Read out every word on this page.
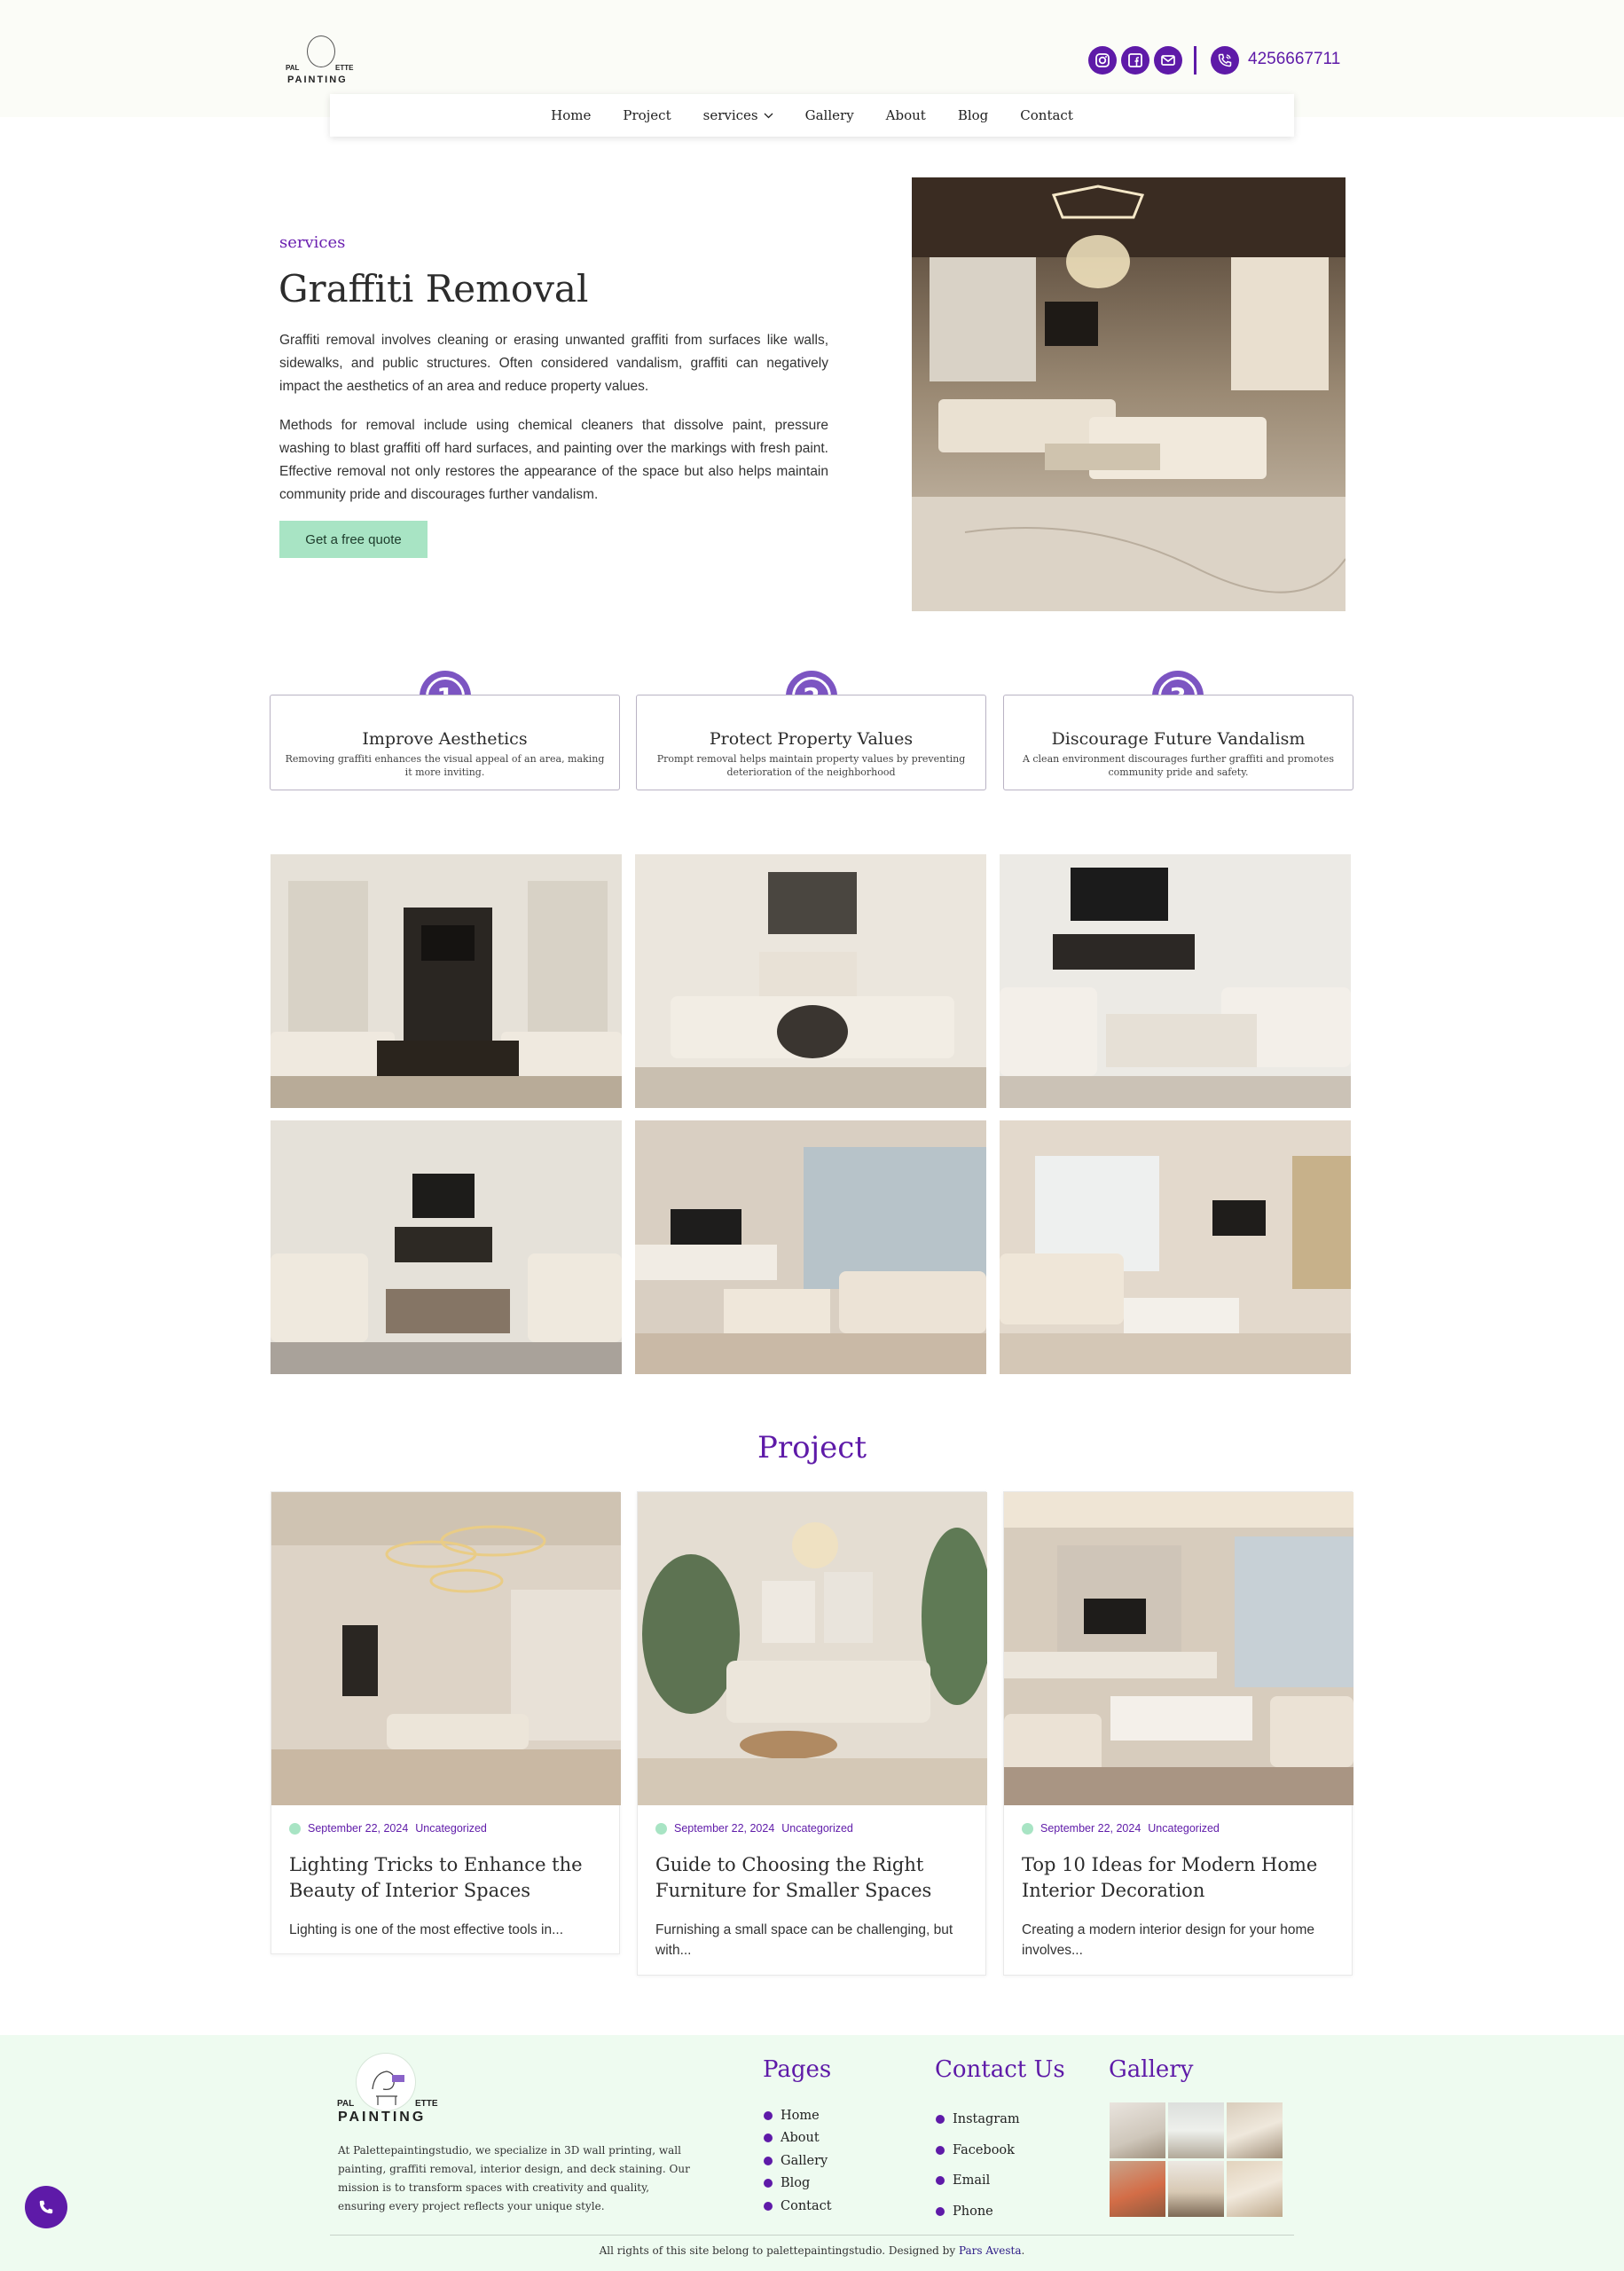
PAL	ETTE
PAINTING
4256667711
Home	Project	services	Gallery	About	Blog	Contact
services
Graffiti Removal

Graffiti removal involves cleaning or erasing unwanted graffiti from surfaces like walls, sidewalks, and public structures. Often considered vandalism, graffiti can negatively impact the aesthetics of an area and reduce property values.

Methods for removal include using chemical cleaners that dissolve paint, pressure washing to blast graffiti off hard surfaces, and painting over the markings with fresh paint. Effective removal not only restores the appearance of the space but also helps maintain community pride and discourages further vandalism.

Get a free quote
Improve Aesthetics
Removing graffiti enhances the visual appeal of an area, making it more inviting.
Protect Property Values
Prompt removal helps maintain property values by preventing deterioration of the neighborhood
Discourage Future Vandalism
A clean environment discourages further graffiti and promotes community pride and safety.
Project
September 22, 2024 Uncategorized
Lighting Tricks to Enhance the Beauty of Interior Spaces
Lighting is one of the most effective tools in...
September 22, 2024 Uncategorized
Guide to Choosing the Right Furniture for Smaller Spaces
Furnishing a small space can be challenging, but with...
September 22, 2024 Uncategorized
Top 10 Ideas for Modern Home Interior Decoration
Creating a modern interior design for your home involves...
PAL	ETTE
PAINTING

At Palettepaintingstudio, we specialize in 3D wall printing, wall painting, graffiti removal, interior design, and deck staining. Our mission is to transform spaces with creativity and quality, ensuring every project reflects your unique style.

Pages
Home
About
Gallery
Blog
Contact
Contact Us
Instagram
Facebook
Email
Phone
Gallery

All rights of this site belong to palettepaintingstudio. Designed by Pars Avesta.
